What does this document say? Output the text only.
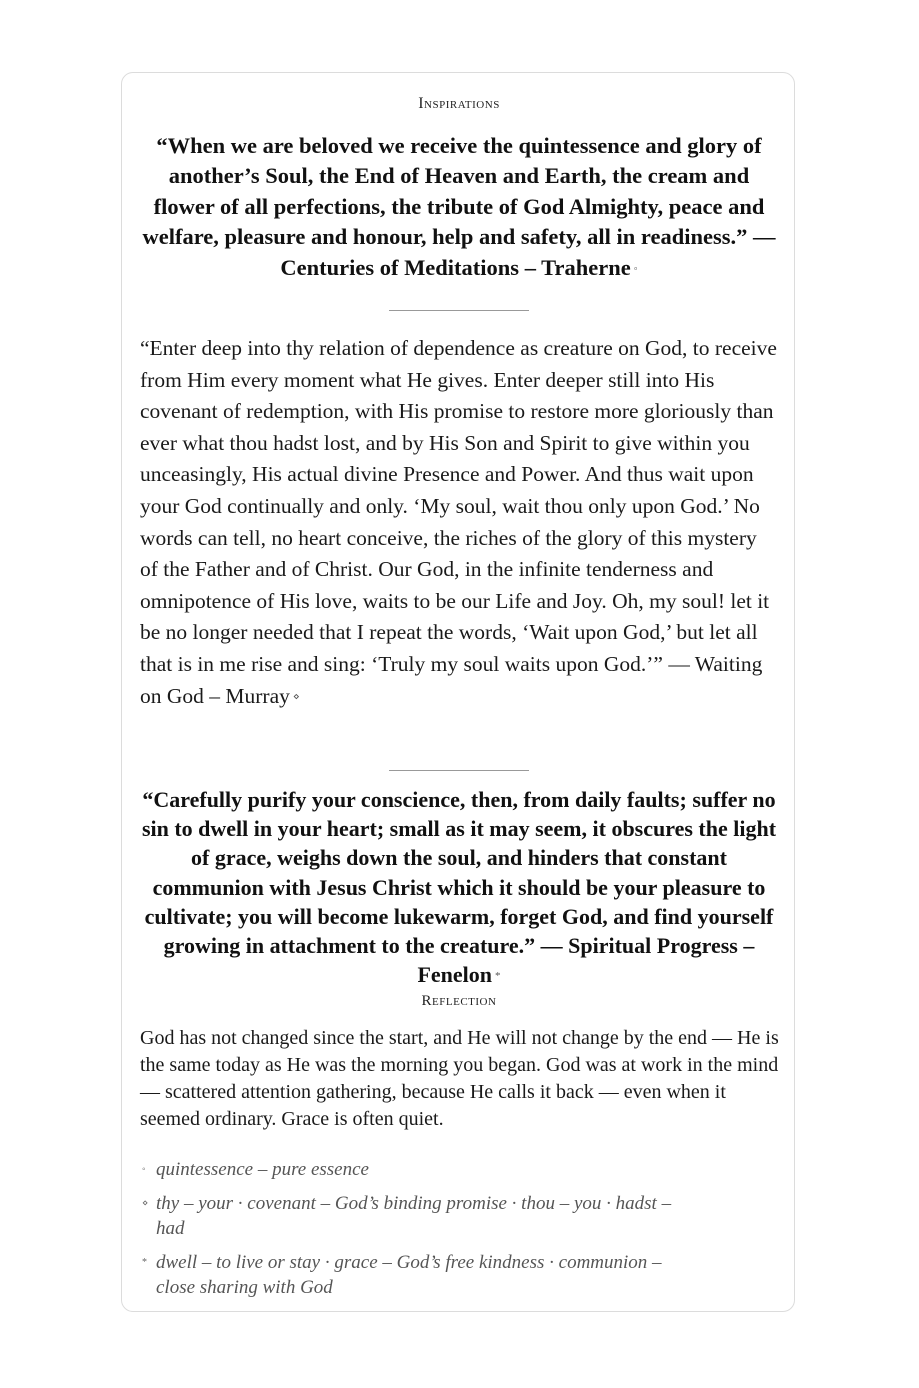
Inspirations
“When we are beloved we receive the quintessence and glory of another’s Soul, the End of Heaven and Earth, the cream and flower of all perfections, the tribute of God Almighty, peace and welfare, pleasure and honour, help and safety, all in readiness.” — Centuries of Meditations – Traherne ◦
“Enter deep into thy relation of dependence as creature on God, to receive from Him every moment what He gives. Enter deeper still into His covenant of redemption, with His promise to restore more gloriously than ever what thou hadst lost, and by His Son and Spirit to give within you unceasingly, His actual divine Presence and Power. And thus wait upon your God continually and only. ‘My soul, wait thou only upon God.’ No words can tell, no heart conceive, the riches of the glory of this mystery of the Father and of Christ. Our God, in the infinite tenderness and omnipotence of His love, waits to be our Life and Joy. Oh, my soul! let it be no longer needed that I repeat the words, ‘Wait upon God,’ but let all that is in me rise and sing: ‘Truly my soul waits upon God.’” — Waiting on God – Murray ⋄
“Carefully purify your conscience, then, from daily faults; suffer no sin to dwell in your heart; small as it may seem, it obscures the light of grace, weighs down the soul, and hinders that constant communion with Jesus Christ which it should be your pleasure to cultivate; you will become lukewarm, forget God, and find yourself growing in attachment to the creature.” — Spiritual Progress – Fenelon *
Reflection
God has not changed since the start, and He will not change by the end — He is the same today as He was the morning you began. God was at work in the mind — scattered attention gathering, because He calls it back — even when it seemed ordinary. Grace is often quiet.
◦ quintessence – pure essence
⋄ thy – your · covenant – God’s binding promise · thou – you · hadst – had
* dwell – to live or stay · grace – God’s free kindness · communion – close sharing with God
